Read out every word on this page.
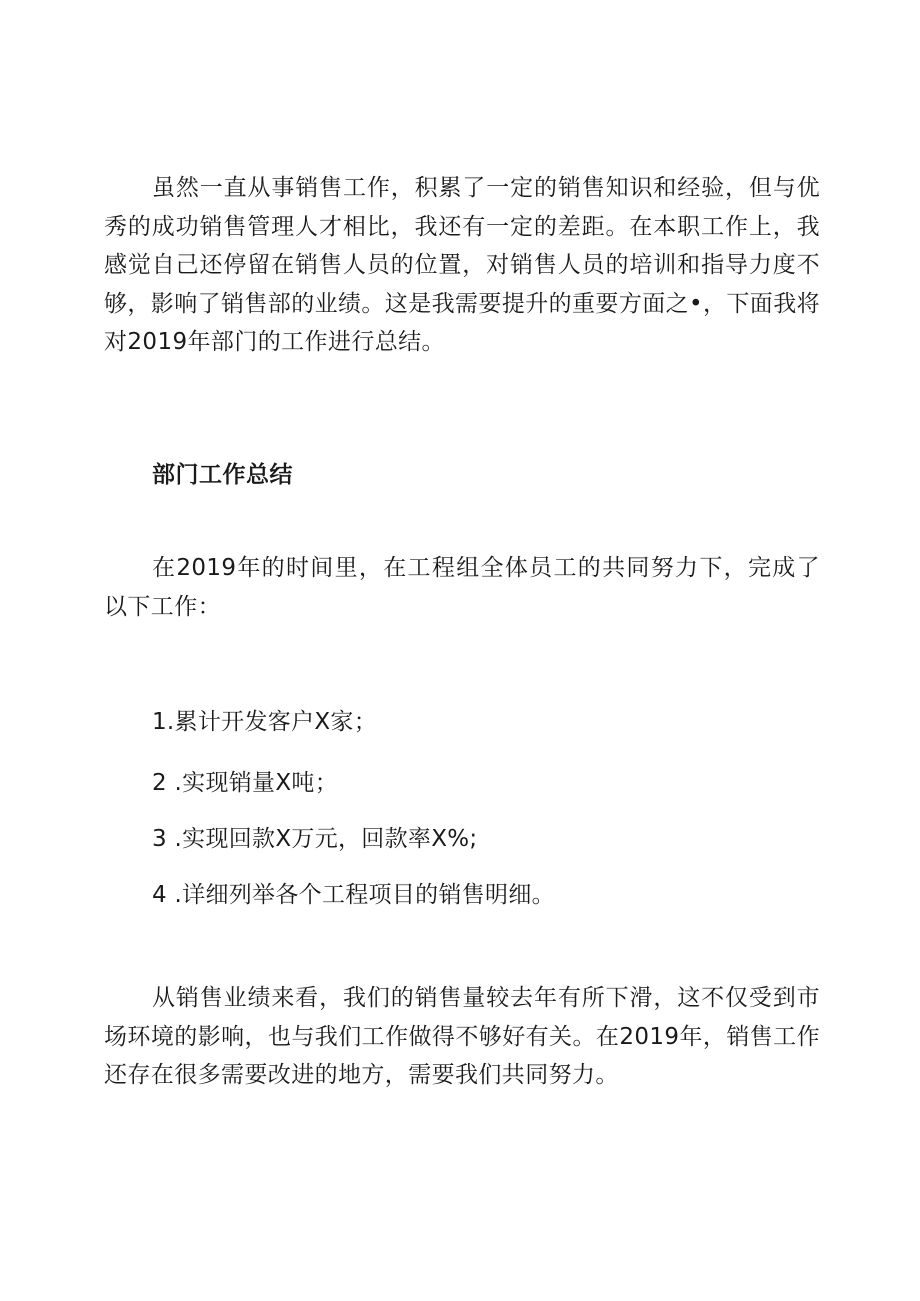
虽然一直从事销售工作，积累了一定的销售知识和经验，但与优秀的成功销售管理人才相比，我还有一定的差距。在本职工作上，我感觉自己还停留在销售人员的位置，对销售人员的培训和指导力度不够，影响了销售部的业绩。这是我需要提升的重要方面之•，下面我将对2019年部门的工作进行总结。

部门工作总结

在2019年的时间里，在工程组全体员工的共同努力下，完成了以下工作：

1.累计开发客户X家；
2 .实现销量X吨；
3 .实现回款X万元，回款率X%;
4 .详细列举各个工程项目的销售明细。

从销售业绩来看，我们的销售量较去年有所下滑，这不仅受到市场环境的影响，也与我们工作做得不够好有关。在2019年，销售工作还存在很多需要改进的地方，需要我们共同努力。
